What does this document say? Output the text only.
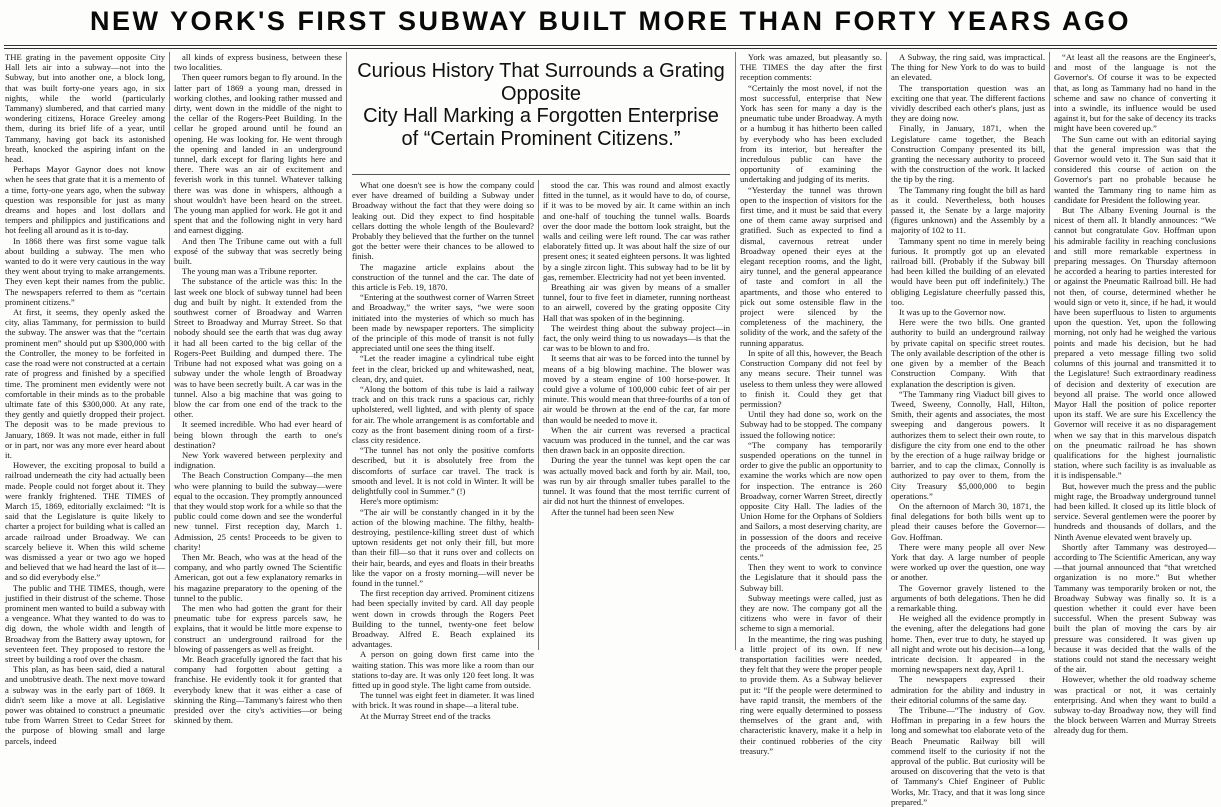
NEW YORK'S FIRST SUBWAY BUILT MORE THAN FORTY YEARS AGO

THE grating in the pavement opposite City Hall lets air into a subway—not into the Subway, but into another one, a block long, that was built forty-one years ago, in six nights, while the world (particularly Tammany) slumbered, and that carried many wondering citizens, Horace Greeley among them, during its brief life of a year, until Tammany, having got back its astonished breath, knocked the aspiring infant on the head.

Perhaps Mayor Gaynor does not know when he sees that grate that it is a memento of a time, forty-one years ago, when the subway question was responsible for just as many dreams and hopes and lost dollars and tempers and philippics and justifications and hot feeling all around as it is to-day.

In 1868 there was first some vague talk about building a subway. The men who wanted to do it were very cautious in the way they went about trying to make arrangements. They even kept their names from the public. The newspapers referred to them as “certain prominent citizens.”

At first, it seems, they openly asked the city, alias Tammany, for permission to build the subway. The answer was that the “certain prominent men” should put up $300,000 with the Controller, the money to be forfeited in case the road were not constructed at a certain rate of progress and finished by a specified time. The prominent men evidently were not comfortable in their minds as to the probable ultimate fate of this $300,000. At any rate, they gently and quietly dropped their project. The deposit was to be made previous to January, 1869. It was not made, either in full or in part, nor was any more ever heard about it.

However, the exciting proposal to build a railroad underneath the city had actually been made. People could not forget about it. They were frankly frightened. THE TIMES of March 15, 1869, editorially exclaimed: “It is said that the Legislature is quite likely to charter a project for building what is called an arcade railroad under Broadway. We can scarcely believe it. When this wild scheme was dismissed a year or two ago we hoped and believed that we had heard the last of it—and so did everybody else.”

The public and THE TIMES, though, were justified in their distrust of the scheme. Those prominent men wanted to build a subway with a vengeance. What they wanted to do was to dig down, the whole width and length of Broadway from the Battery away uptown, for seventeen feet. They proposed to restore the street by building a roof over the chasm.

This plan, as has been said, died a natural and unobtrusive death. The next move toward a subway was in the early part of 1869. It didn't seem like a move at all. Legislative power was obtained to construct a pneumatic tube from Warren Street to Cedar Street for the purpose of blowing small and large parcels, indeed

all kinds of express business, between these two localities.

Then queer rumors began to fly around. In the latter part of 1869 a young man, dressed in working clothes, and looking rather mussed and dirty, went down in the middle of the night to the cellar of the Rogers-Peet Building. In the cellar he groped around until he found an opening. He was looking for. He went through the opening and landed in an underground tunnel, dark except for flaring lights here and there. There was an air of excitement and feverish work in this tunnel. Whatever talking there was was done in whispers, although a shout wouldn't have been heard on the street. The young man applied for work. He got it and spent that and the following night in very hard and earnest digging.

And then The Tribune came out with a full exposé of the subway that was secretly being built.

The young man was a Tribune reporter.

The substance of the article was this: In the last week one block of subway tunnel had been dug and built by night. It extended from the southwest corner of Broadway and Warren Street to Broadway and Murray Street. So that nobody should see the earth that was dug away it had all been carted to the big cellar of the Rogers-Peet Building and dumped there. The Tribune had not exposed what was going on a subway under the whole length of Broadway was to have been secretly built. A car was in the tunnel. Also a big machine that was going to blow the car from one end of the track to the other.

It seemed incredible. Who had ever heard of being blown through the earth to one's destination?

New York wavered between perplexity and indignation.

The Beach Construction Company—the men who were planning to build the subway—were equal to the occasion. They promptly announced that they would stop work for a while so that the public could come down and see the wonderful new tunnel. First reception day, March 1. Admission, 25 cents! Proceeds to be given to charity!

Then Mr. Beach, who was at the head of the company, and who partly owned The Scientific American, got out a few explanatory remarks in his magazine preparatory to the opening of the tunnel to the public.

The men who had gotten the grant for their pneumatic tube for express parcels saw, he explains, that it would be little more expense to construct an underground railroad for the blowing of passengers as well as freight.

Mr. Beach gracefully ignored the fact that his company had forgotten about getting a franchise. He evidently took it for granted that everybody knew that it was either a case of skinning the Ring—Tammany's fairest who then presided over the city's activities—or being skinned by them.

Curious History That Surrounds a Grating Opposite
City Hall Marking a Forgotten Enterprise
of “Certain Prominent Citizens.”

What one doesn't see is how the company could ever have dreamed of building a Subway under Broadway without the fact that they were doing so leaking out. Did they expect to find hospitable cellars dotting the whole length of the Boulevard? Probably they believed that the further on the tunnel got the better were their chances to be allowed to finish.

The magazine article explains about the construction of the tunnel and the car. The date of this article is Feb. 19, 1870.

“Entering at the southwest corner of Warren Street and Broadway,” the writer says, “we were soon initiated into the mysteries of which so much has been made by newspaper reporters. The simplicity of the principle of this mode of transit is not fully appreciated until one sees the thing itself.

“Let the reader imagine a cylindrical tube eight feet in the clear, bricked up and whitewashed, neat, clean, dry, and quiet.

“Along the bottom of this tube is laid a railway track and on this track runs a spacious car, richly upholstered, well lighted, and with plenty of space for air. The whole arrangement is as comfortable and cozy as the front basement dining room of a first-class city residence.

“The tunnel has not only the positive comforts described, but it is absolutely free from the discomforts of surface car travel. The track is smooth and level. It is not cold in Winter. It will be delightfully cool in Summer.” (!)

Here's more optimism:

“The air will be constantly changed in it by the action of the blowing machine. The filthy, health-destroying, pestilence-killing street dust of which uptown residents get not only their fill, but more than their fill—so that it runs over and collects on their hair, beards, and eyes and floats in their breaths like the vapor on a frosty morning—will never be found in the tunnel.”

The first reception day arrived. Prominent citizens had been specially invited by card. All day people went down in crowds through the Rogers Peet Building to the tunnel, twenty-one feet below Broadway. Alfred E. Beach explained its advantages.

A person on going down first came into the waiting station. This was more like a room than our stations to-day are. It was only 120 feet long. It was fitted up in good style. The light came from outside.

The tunnel was eight feet in diameter. It was lined with brick. It was round in shape—a literal tube.

At the Murray Street end of the tracks

stood the car. This was round and almost exactly fitted in the tunnel, as it would have to do, of course, if it was to be moved by air. It came within an inch and one-half of touching the tunnel walls. Boards over the door made the bottom look straight, but the walls and ceiling were left round. The car was rather elaborately fitted up. It was about half the size of our present ones; it seated eighteen persons. It was lighted by a single zircon light. This subway had to be lit by gas, remember. Electricity had not yet been invented.

Breathing air was given by means of a smaller tunnel, four to five feet in diameter, running northeast to an airwell, covered by the grating opposite City Hall that was spoken of in the beginning.

The weirdest thing about the subway project—in fact, the only weird thing to us nowadays—is that the car was to be blown to and fro.

It seems that air was to be forced into the tunnel by means of a big blowing machine. The blower was moved by a steam engine of 100 horse-power. It could give a volume of 100,000 cubic feet of air per minute. This would mean that three-fourths of a ton of air would be thrown at the end of the car, far more than would be needed to move it.

When the air current was reversed a practical vacuum was produced in the tunnel, and the car was then drawn back in an opposite direction.

During the year the tunnel was kept open the car was actually moved back and forth by air. Mail, too, was run by air through smaller tubes parallel to the tunnel. It was found that the most terrific current of air did not hurt the thinnest of envelopes.

After the tunnel had been seen New

York was amazed, but pleasantly so. THE TIMES the day after the first reception comments:

“Certainly the most novel, if not the most successful, enterprise that New York has seen for many a day is the pneumatic tube under Broadway. A myth or a humbug it has hitherto been called by everybody who has been excluded from its interior, but hereafter the incredulous public can have the opportunity of examining the undertaking and judging of its merits.

“Yesterday the tunnel was thrown open to the inspection of visitors for the first time, and it must be said that every one of them came away surprised and gratified. Such as expected to find a dismal, cavernous retreat under Broadway opened their eyes at the elegant reception rooms, and the light, airy tunnel, and the general appearance of taste and comfort in all the apartments, and those who entered to pick out some ostensible flaw in the project were silenced by the completeness of the machinery, the solidity of the work, and the safety of the running apparatus.

In spite of all this, however, the Beach Construction Company did not feel by any means secure. Their tunnel was useless to them unless they were allowed to finish it. Could they get that permission?

Until they had done so, work on the Subway had to be stopped. The company issued the following notice:

“The company has temporarily suspended operations on the tunnel in order to give the public an opportunity to examine the works which are now open for inspection. The entrance is 260 Broadway, corner Warren Street, directly opposite City Hall. The ladies of the Union Home for the Orphans of Soldiers and Sailors, a most deserving charity, are in possession of the doors and receive the proceeds of the admission fee, 25 cents.”

Then they went to work to convince the Legislature that it should pass the Subway bill.

Subway meetings were called, just as they are now. The company got all the citizens who were in favor of their scheme to sign a memorial.

In the meantime, the ring was pushing a little project of its own. If new transportation facilities were needed, they felt that they were the proper people to provide them. As a Subway believer put it: “If the people were determined to have rapid transit, the members of the ring were equally determined to possess themselves of the grant and, with characteristic knavery, make it a help in their continued robberies of the city treasury.”

A Subway, the ring said, was impractical. The thing for New York to do was to build an elevated.

The transportation question was an exciting one that year. The different factions vividly described each other's plans, just as they are doing now.

Finally, in January, 1871, when the Legislature came together, the Beach Construction Company presented its bill, granting the necessary authority to proceed with the construction of the work. It lacked the tip by the ring.

The Tammany ring fought the bill as hard as it could. Nevertheless, both houses passed it, the Senate by a large majority (figures unknown) and the Assembly by a majority of 102 to 11.

Tammany spent no time in merely being furious. It promptly got up an elevated railroad bill. (Probably if the Subway bill had been killed the building of an elevated would have been put off indefinitely.) The obliging Legislature cheerfully passed this, too.

It was up to the Governor now.

Here were the two bills. One granted authority to build an underground railway by private capital on specific street routes. The only available description of the other is one given by a member of the Beach Construction Company. With that explanation the description is given.

“The Tammany ring Viaduct bill gives to Tweed, Sweeny, Connolly, Hall, Hilton, Smith, their agents and associates, the most sweeping and dangerous powers. It authorizes them to select their own route, to disfigure the city from one end to the other by the erection of a huge railway bridge or barrier, and to cap the climax, Connolly is authorized to pay over to them, from the City Treasury $5,000,000 to begin operations.”

On the afternoon of March 30, 1871, the final delegations for both bills went up to plead their causes before the Governor—Gov. Hoffman.

There were many people all over New York that day. A large number of people were worked up over the question, one way or another.

The Governor gravely listened to the arguments of both delegations. Then he did a remarkable thing.

He weighed all the evidence promptly in the evening, after the delegations had gone home. Then, ever true to duty, he stayed up all night and wrote out his decision—a long, intricate decision. It appeared in the morning newspapers next day, April 1.

The newspapers expressed their admiration for the ability and industry in their editorial columns of the same day.

The Tribune—“The industry of Gov. Hoffman in preparing in a few hours the long and somewhat too elaborate veto of the Beach Pneumatic Railway bill will commend itself to the curiosity if not the approval of the public. But curiosity will be aroused on discovering that the veto is that of Tammany's Chief Engineer of Public Works, Mr. Tracy, and that it was long since prepared.”

“At least all the reasons are the Engineer's, and most of the language is not the Governor's. Of course it was to be expected that, as long as Tammany had no hand in the scheme and saw no chance of converting it into a swindle, its influence would be used against it, but for the sake of decency its tracks might have been covered up.”

The Sun came out with an editorial saying that the general impression was that the Governor would veto it. The Sun said that it considered this course of action on the Governor's part no probable because he wanted the Tammany ring to name him as candidate for President the following year.

But The Albany Evening Journal is the nicest of them all. It blandly announces: “We cannot but congratulate Gov. Hoffman upon his admirable facility in reaching conclusions and still more remarkable expertness in preparing messages. On Thursday afternoon he accorded a hearing to parties interested for or against the Pneumatic Railroad bill. He had not then, of course, determined whether he would sign or veto it, since, if he had, it would have been superfluous to listen to arguments upon the question. Yet, upon the following morning, not only had he weighed the various points and made his decision, but he had prepared a veto message filling two solid columns of this journal and transmitted it to the Legislature! Such extraordinary readiness of decision and dexterity of execution are beyond all praise. The world once allowed Mayor Hall the position of police reporter upon its staff. We are sure his Excellency the Governor will receive it as no disparagement when we say that in this marvelous dispatch on the pneumatic railroad he has shown qualifications for the highest journalistic station, where such facility is as invaluable as it is indispensable.”

But, however much the press and the public might rage, the Broadway underground tunnel had been killed. It closed up its little block of service. Several gentlemen were the poorer by hundreds and thousands of dollars, and the Ninth Avenue elevated went bravely up.

Shortly after Tammany was destroyed—according to The Scientific American, any way—that journal announced that “that wretched organization is no more.” But whether Tammany was temporarily broken or not, the Broadway Subway was finally so. It is a question whether it could ever have been successful. When the present Subway was built the plan of moving the cars by air pressure was considered. It was given up because it was decided that the walls of the stations could not stand the necessary weight of the air.

However, whether the old roadway scheme was practical or not, it was certainly enterprising. And when they want to build a subway to-day Broadway now, they will find the block between Warren and Murray Streets already dug for them.
